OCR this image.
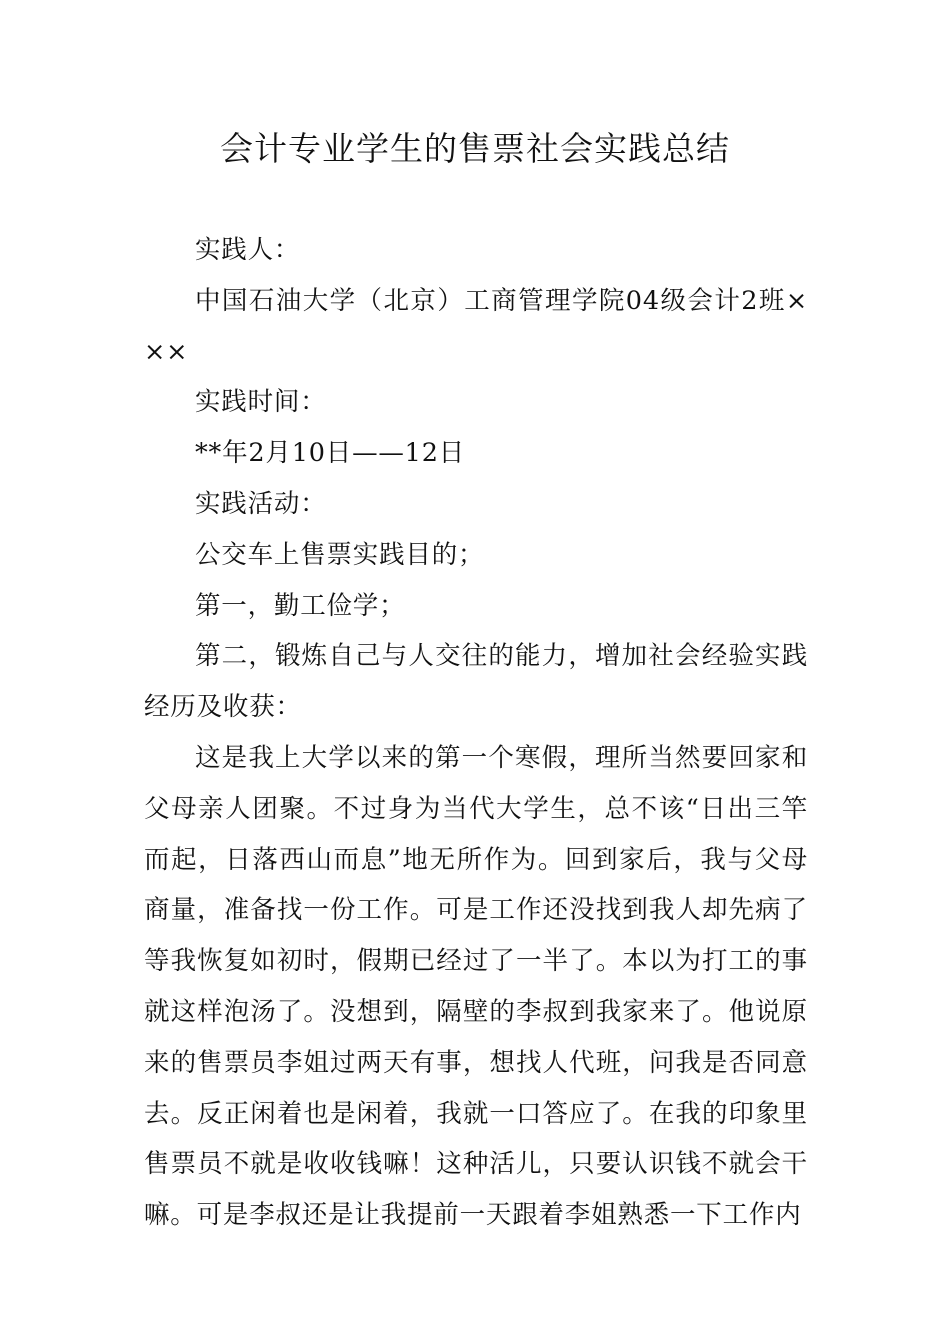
会计专业学生的售票社会实践总结

实践人：

中国石油大学（北京）工商管理学院04级会计2班×××

实践时间：

**年2月10日——12日

实践活动：

公交车上售票实践目的；

第一，勤工俭学；

第二，锻炼自己与人交往的能力，增加社会经验实践经历及收获：

这是我上大学以来的第一个寒假，理所当然要回家和父母亲人团聚。不过身为当代大学生，总不该“日出三竿而起，日落西山而息”地无所作为。回到家后，我与父母商量，准备找一份工作。可是工作还没找到我人却先病了等我恢复如初时，假期已经过了一半了。本以为打工的事就这样泡汤了。没想到，隔壁的李叔到我家来了。他说原来的售票员李姐过两天有事，想找人代班，问我是否同意去。反正闲着也是闲着，我就一口答应了。在我的印象里售票员不就是收收钱嘛！这种活儿，只要认识钱不就会干嘛。可是李叔还是让我提前一天跟着李姐熟悉一下工作内
